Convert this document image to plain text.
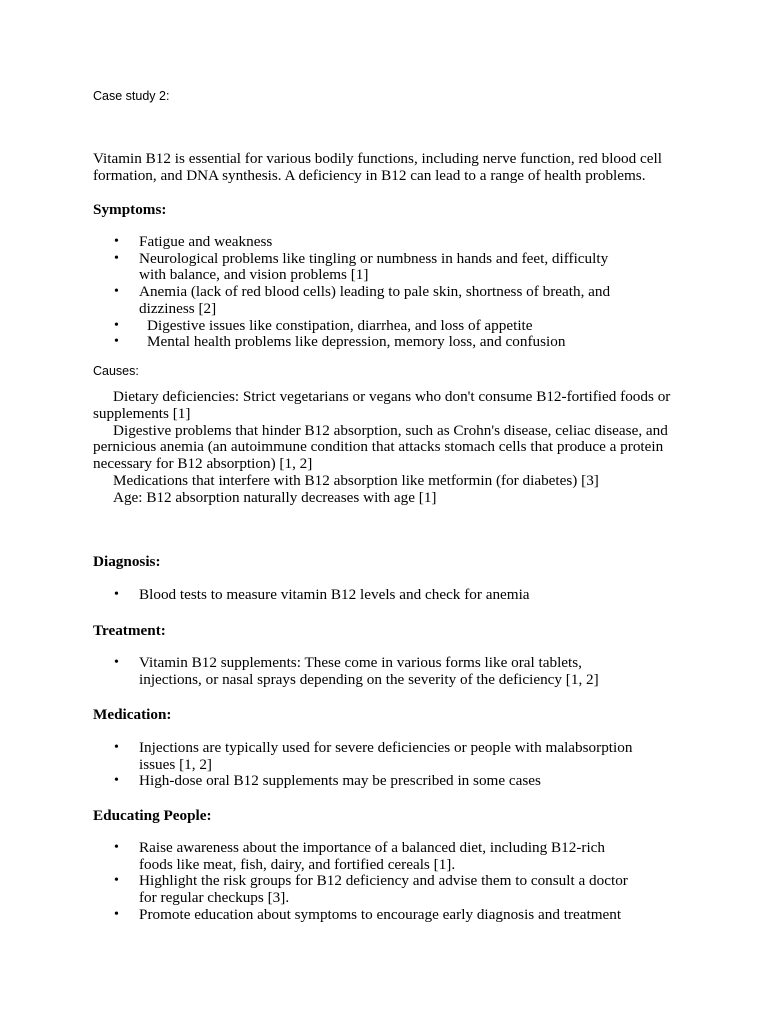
Case study 2:

Vitamin B12 is essential for various bodily functions, including nerve function, red blood cell formation, and DNA synthesis. A deficiency in B12 can lead to a range of health problems.

Symptoms:

• Fatigue and weakness
• Neurological problems like tingling or numbness in hands and feet, difficulty with balance, and vision problems [1]
• Anemia (lack of red blood cells) leading to pale skin, shortness of breath, and dizziness [2]
• Digestive issues like constipation, diarrhea, and loss of appetite
• Mental health problems like depression, memory loss, and confusion

Causes:

Dietary deficiencies: Strict vegetarians or vegans who don't consume B12-fortified foods or supplements [1]

Digestive problems that hinder B12 absorption, such as Crohn's disease, celiac disease, and pernicious anemia (an autoimmune condition that attacks stomach cells that produce a protein necessary for B12 absorption) [1, 2]

Medications that interfere with B12 absorption like metformin (for diabetes) [3]

Age: B12 absorption naturally decreases with age [1]

Diagnosis:

• Blood tests to measure vitamin B12 levels and check for anemia

Treatment:

• Vitamin B12 supplements: These come in various forms like oral tablets, injections, or nasal sprays depending on the severity of the deficiency [1, 2]

Medication:

• Injections are typically used for severe deficiencies or people with malabsorption issues [1, 2]
• High-dose oral B12 supplements may be prescribed in some cases

Educating People:

• Raise awareness about the importance of a balanced diet, including B12-rich foods like meat, fish, dairy, and fortified cereals [1].
• Highlight the risk groups for B12 deficiency and advise them to consult a doctor for regular checkups [3].
• Promote education about symptoms to encourage early diagnosis and treatment
